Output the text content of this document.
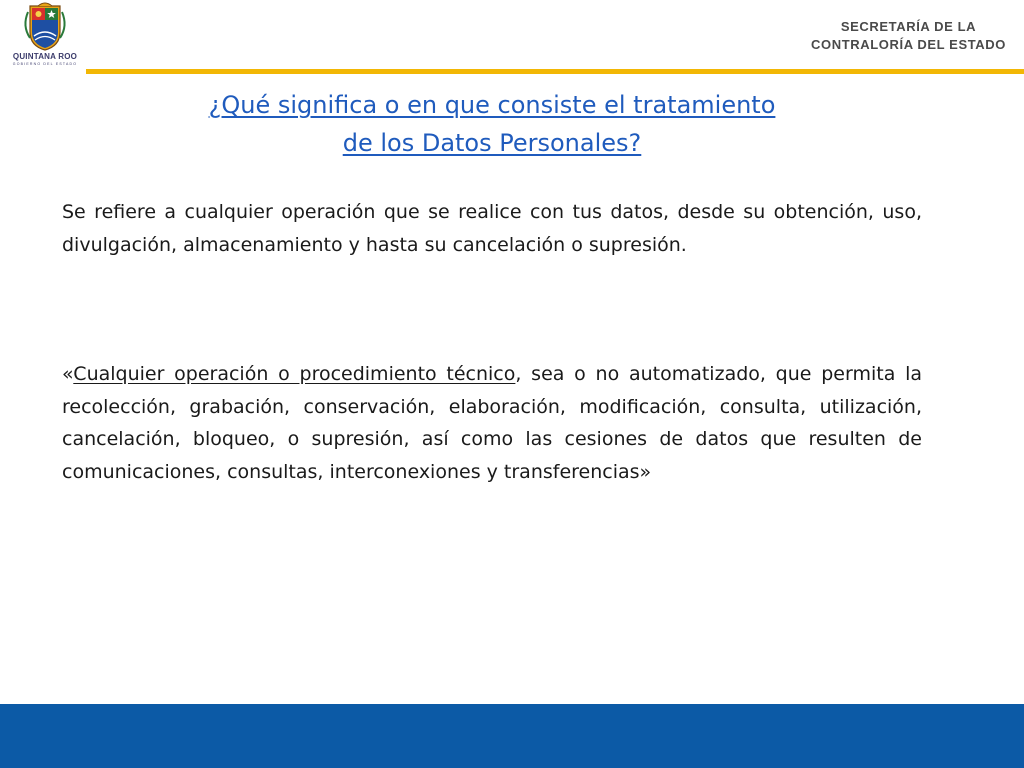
QUINTANA ROO
GOBIERNO DEL ESTADO
SECRETARÍA DE LA
CONTRALORÍA DEL ESTADO
¿Qué significa o en que consiste el tratamiento
de los Datos Personales?
Se refiere a cualquier operación que se realice con tus datos, desde su obtención, uso, divulgación, almacenamiento y hasta su cancelación o supresión.
«Cualquier operación o procedimiento técnico, sea o no automatizado, que permita la recolección, grabación, conservación, elaboración, modificación, consulta, utilización, cancelación, bloqueo, o supresión, así como las cesiones de datos que resulten de comunicaciones, consultas, interconexiones y transferencias»
